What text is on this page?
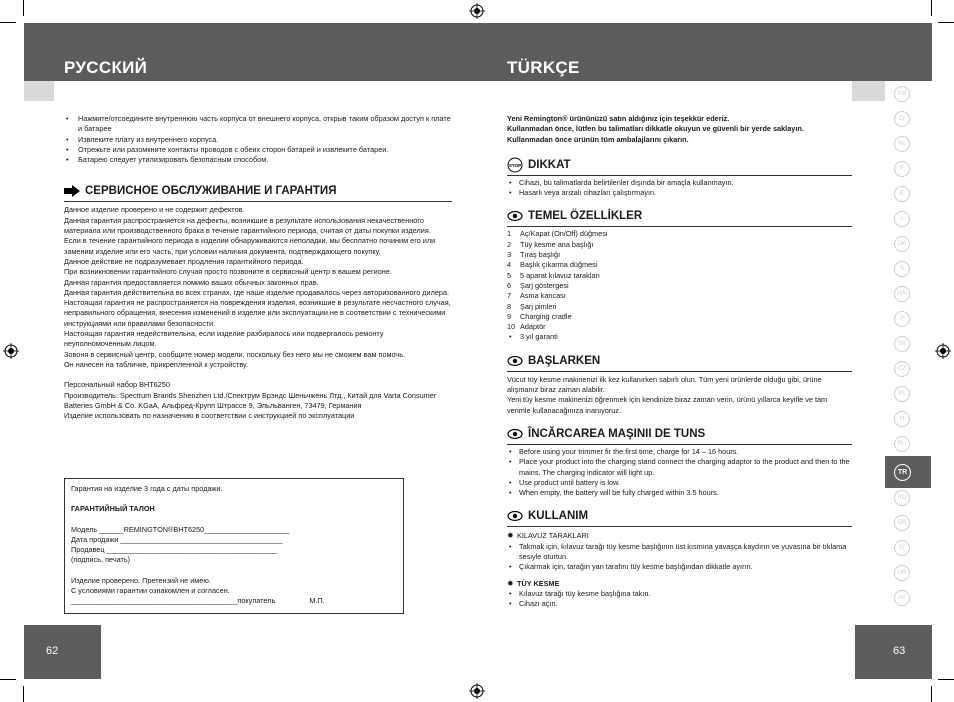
РУССКИЙ	TÜRKÇE
• Нажмите/отсоедините внутреннюю часть корпуса от внешнего корпуса, открыв таким образом доступ к плате и батарее
• Извлеките плату из внутреннего корпуса.
• Отрежьте или разомкните контакты проводов с обеих сторон батарей и извлеките батареи.
• Батарею следует утилизировать безопасным способом.
СЕРВИСНОЕ ОБСЛУЖИВАНИЕ И ГАРАНТИЯ
Данное изделие проверено и не содержит дефектов.
Данная гарантия распространяется на дефекты, возникшие в результате использования некачественного материала или производственного брака в течение гарантийного периода, считая от даты покупки изделия.
Если в течение гарантийного периода в изделии обнаруживаются неполадки, мы бесплатно починим его или заменим изделие или его часть, при условии наличия документа, подтверждающего покупку.
Данное действие не подразумевает продления гарантийного периода.
При возникновении гарантийного случая просто позвоните в сервисный центр в вашем регионе.
Данная гарантия предоставляется помимо ваших обычных законных прав.
Данная гарантия действительна во всех странах, где наше изделие продавалось через авторизованного дилера.
Настоящая гарантия не распространяется на повреждения изделия, возникшие в результате несчастного случая, неправильного обращения, внесения изменений в изделие или эксплуатации не в соответствии с техническими инструкциями или правилами безопасности.
Настоящая гарантия недействительна, если изделие разбиралось или подвергалось ремонту неуполномоченным лицом.
Зовоня в сервисный центр, сообщите номер модели, поскольку без него мы не сможем вам помочь.
Он нанесен на табличке, прикрепленной к устройству.
Персональный набор BHT6250
Производитель: Spectrum Brands Shenzhen Ltd./Спектрум Брэндс Шеньчжень Лтд., Китай для Varta Consumer Batteries GmbH & Co. KGaA, Альфред-Крупп Штрассе 9, Эльльванген, 73479, Германия
Изделие использовать по назначению в соответствии с инструкцией по эксплуатации
Гарантия на изделие 3 года с даты продажи.
ГАРАНТИЙНЫЙ ТАЛОН
Модель ______REMINGTON®BHT6250_____________________
Дата продажи ________________________________________
Продавец __________________________________________
(подпись, печать)
Изделие проверено. Претензий не имею.
С условиями гарантии ознакомлен и согласен.
_________________________________________покупатель	М.П.
62
Yeni Remington® ürününüzü satın aldığınız için teşekkür ederiz.
Kullanmadan önce, lütfen bu talimatları dikkatle okuyun ve güvenli bir yerde saklayın.
Kullanmadan önce ürünün tüm ambalajlarını çıkarın.
STOP DIKKAT
• Cihazı, bu talimatlarda belirtilenler dışında bir amaçla kullanmayın.
• Hasarlı veya arızalı cihazları çalıştırmayın.
TEMEL ÖZELLİKLER
1	Aç/Kapat (On/Off) düğmesi
2	Tüy kesme ana başlığı
3	Tıraş başlığı
4	Başlık çıkarma düğmesi
5	5 aparat kılavuz tarakları
6	Şarj göstergesi
7	Asma kancası
8	Şarj pimleri
9	Charging cradle
10 Adaptör
•	3 yıl garanti
BAŞLARKEN
Vücut tüy kesme makinenizi ilk kez kullanırken sabırlı olun. Tüm yeni ürünlerde olduğu gibi, ürüne alışmanız biraz zaman alabilir.
Yeni tüy kesme makinenizi öğrenmek için kendinize biraz zaman verin, ürünü yıllarca keyifle ve tam verimle kullanacağınıza inanıyoruz.
ÎNCĂRCAREA MAŞINII DE TUNS
• Before using your trimmer fir the first time, charge for 14 – 16 hours.
• Place your product into the charging stand connect the charging adaptor to the product and then to the mains. The charging indicator will light up.
• Use product until battery is low.
• When empty, the battery will be fully charged within 3.5 hours.
KULLANIM
✸ KILAVUZ TARAKLARI
• Takmak için, kılavuz tarağı tüy kesme başlığının üst kısmına yavaşça kaydırın ve yuvasına bir tıklama sesiyle oturtun.
• Çıkarmak için, tarağın yan tarafını tüy kesme başlığından dikkatle ayırın.
✸ TÜY KESME
• Kılavuz tarağı tüy kesme başlığına takın.
• Cihazı açın.
63
GB
D
NL
F
E
I
DK
S
FIN
P
SK
CZ
PL
H
RU
TR
RO
GR
SL
HR
AE
